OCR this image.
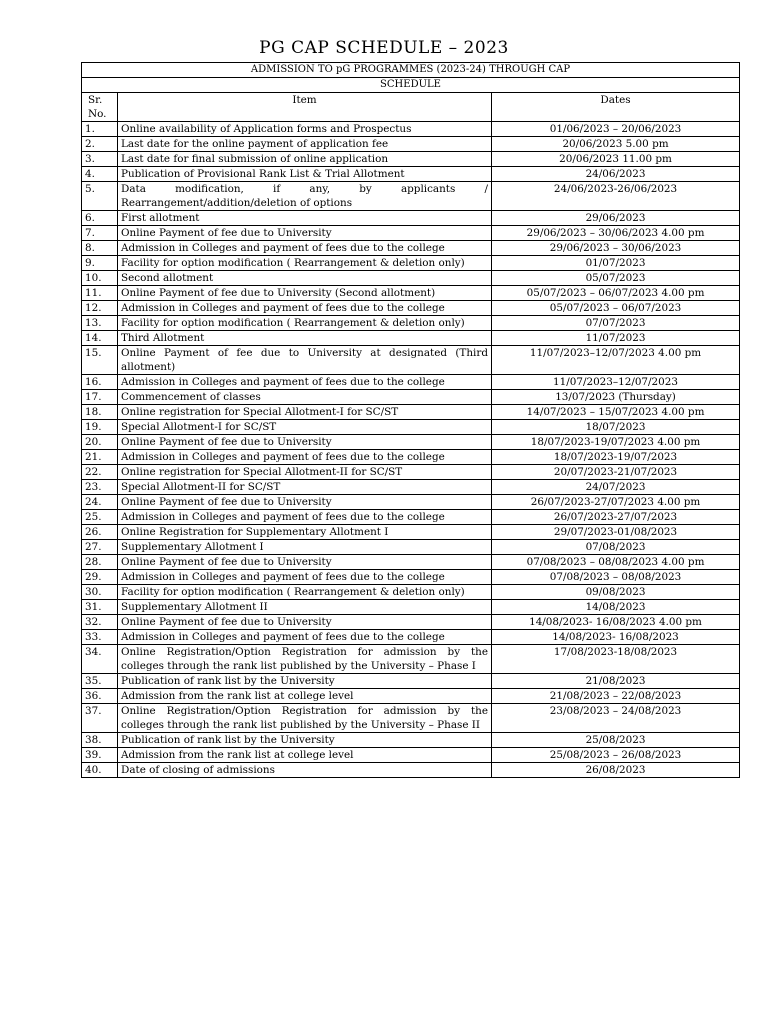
PG CAP SCHEDULE – 2023
ADMISSION TO pG PROGRAMMES (2023-24) THROUGH CAP		
SCHEDULE		
Sr. No.	Item	Dates
1.	Online availability of Application forms and Prospectus	01/06/2023 – 20/06/2023
2.	Last date for the online payment of application fee	20/06/2023 5.00 pm
3.	Last date for final submission of online application	20/06/2023 11.00 pm
4.	Publication of Provisional Rank List & Trial Allotment	24/06/2023
5.	Data modification, if any, by applicants / Rearrangement/addition/deletion of options	24/06/2023-26/06/2023
6.	First allotment	29/06/2023
7.	Online Payment of fee due to University	29/06/2023 – 30/06/2023 4.00 pm
8.	Admission in Colleges and payment of fees due to the college	29/06/2023 – 30/06/2023
9.	Facility for option modification ( Rearrangement & deletion only)	01/07/2023
10.	Second allotment	05/07/2023
11.	Online Payment of fee due to University (Second allotment)	05/07/2023 – 06/07/2023 4.00 pm
12.	Admission in Colleges and payment of fees due to the college	05/07/2023 – 06/07/2023
13.	Facility for option modification ( Rearrangement & deletion only)	07/07/2023
14.	Third Allotment	11/07/2023
15.	Online Payment of fee due to University at designated (Third allotment)	11/07/2023–12/07/2023 4.00 pm
16.	Admission in Colleges and payment of fees due to the college	11/07/2023–12/07/2023
17.	Commencement of classes	13/07/2023 (Thursday)
18.	Online registration for Special Allotment-I for SC/ST	14/07/2023 – 15/07/2023 4.00 pm
19.	Special Allotment-I for SC/ST	18/07/2023
20.	Online Payment of fee due to University	18/07/2023-19/07/2023 4.00 pm
21.	Admission in Colleges and payment of fees due to the college	18/07/2023-19/07/2023
22.	Online registration for Special Allotment-II for SC/ST	20/07/2023-21/07/2023
23.	Special Allotment-II for SC/ST	24/07/2023
24.	Online Payment of fee due to University	26/07/2023-27/07/2023 4.00 pm
25.	Admission in Colleges and payment of fees due to the college	26/07/2023-27/07/2023
26.	Online Registration for Supplementary Allotment I	29/07/2023-01/08/2023
27.	Supplementary Allotment I	07/08/2023
28.	Online Payment of fee due to University	07/08/2023 – 08/08/2023 4.00 pm
29.	Admission in Colleges and payment of fees due to the college	07/08/2023 – 08/08/2023
30.	Facility for option modification ( Rearrangement & deletion only)	09/08/2023
31.	Supplementary Allotment II	14/08/2023
32.	Online Payment of fee due to University	14/08/2023- 16/08/2023 4.00 pm
33.	Admission in Colleges and payment of fees due to the college	14/08/2023- 16/08/2023
34.	Online Registration/Option Registration for admission by the colleges through the rank list published by the University – Phase I	17/08/2023-18/08/2023
35.	Publication of rank list by the University	21/08/2023
36.	Admission from the rank list at college level	21/08/2023 – 22/08/2023
37.	Online Registration/Option Registration for admission by the colleges through the rank list published by the University – Phase II	23/08/2023 – 24/08/2023
38.	Publication of rank list by the University	25/08/2023
39.	Admission from the rank list at college level	25/08/2023 – 26/08/2023
40.	Date of closing of admissions	26/08/2023
